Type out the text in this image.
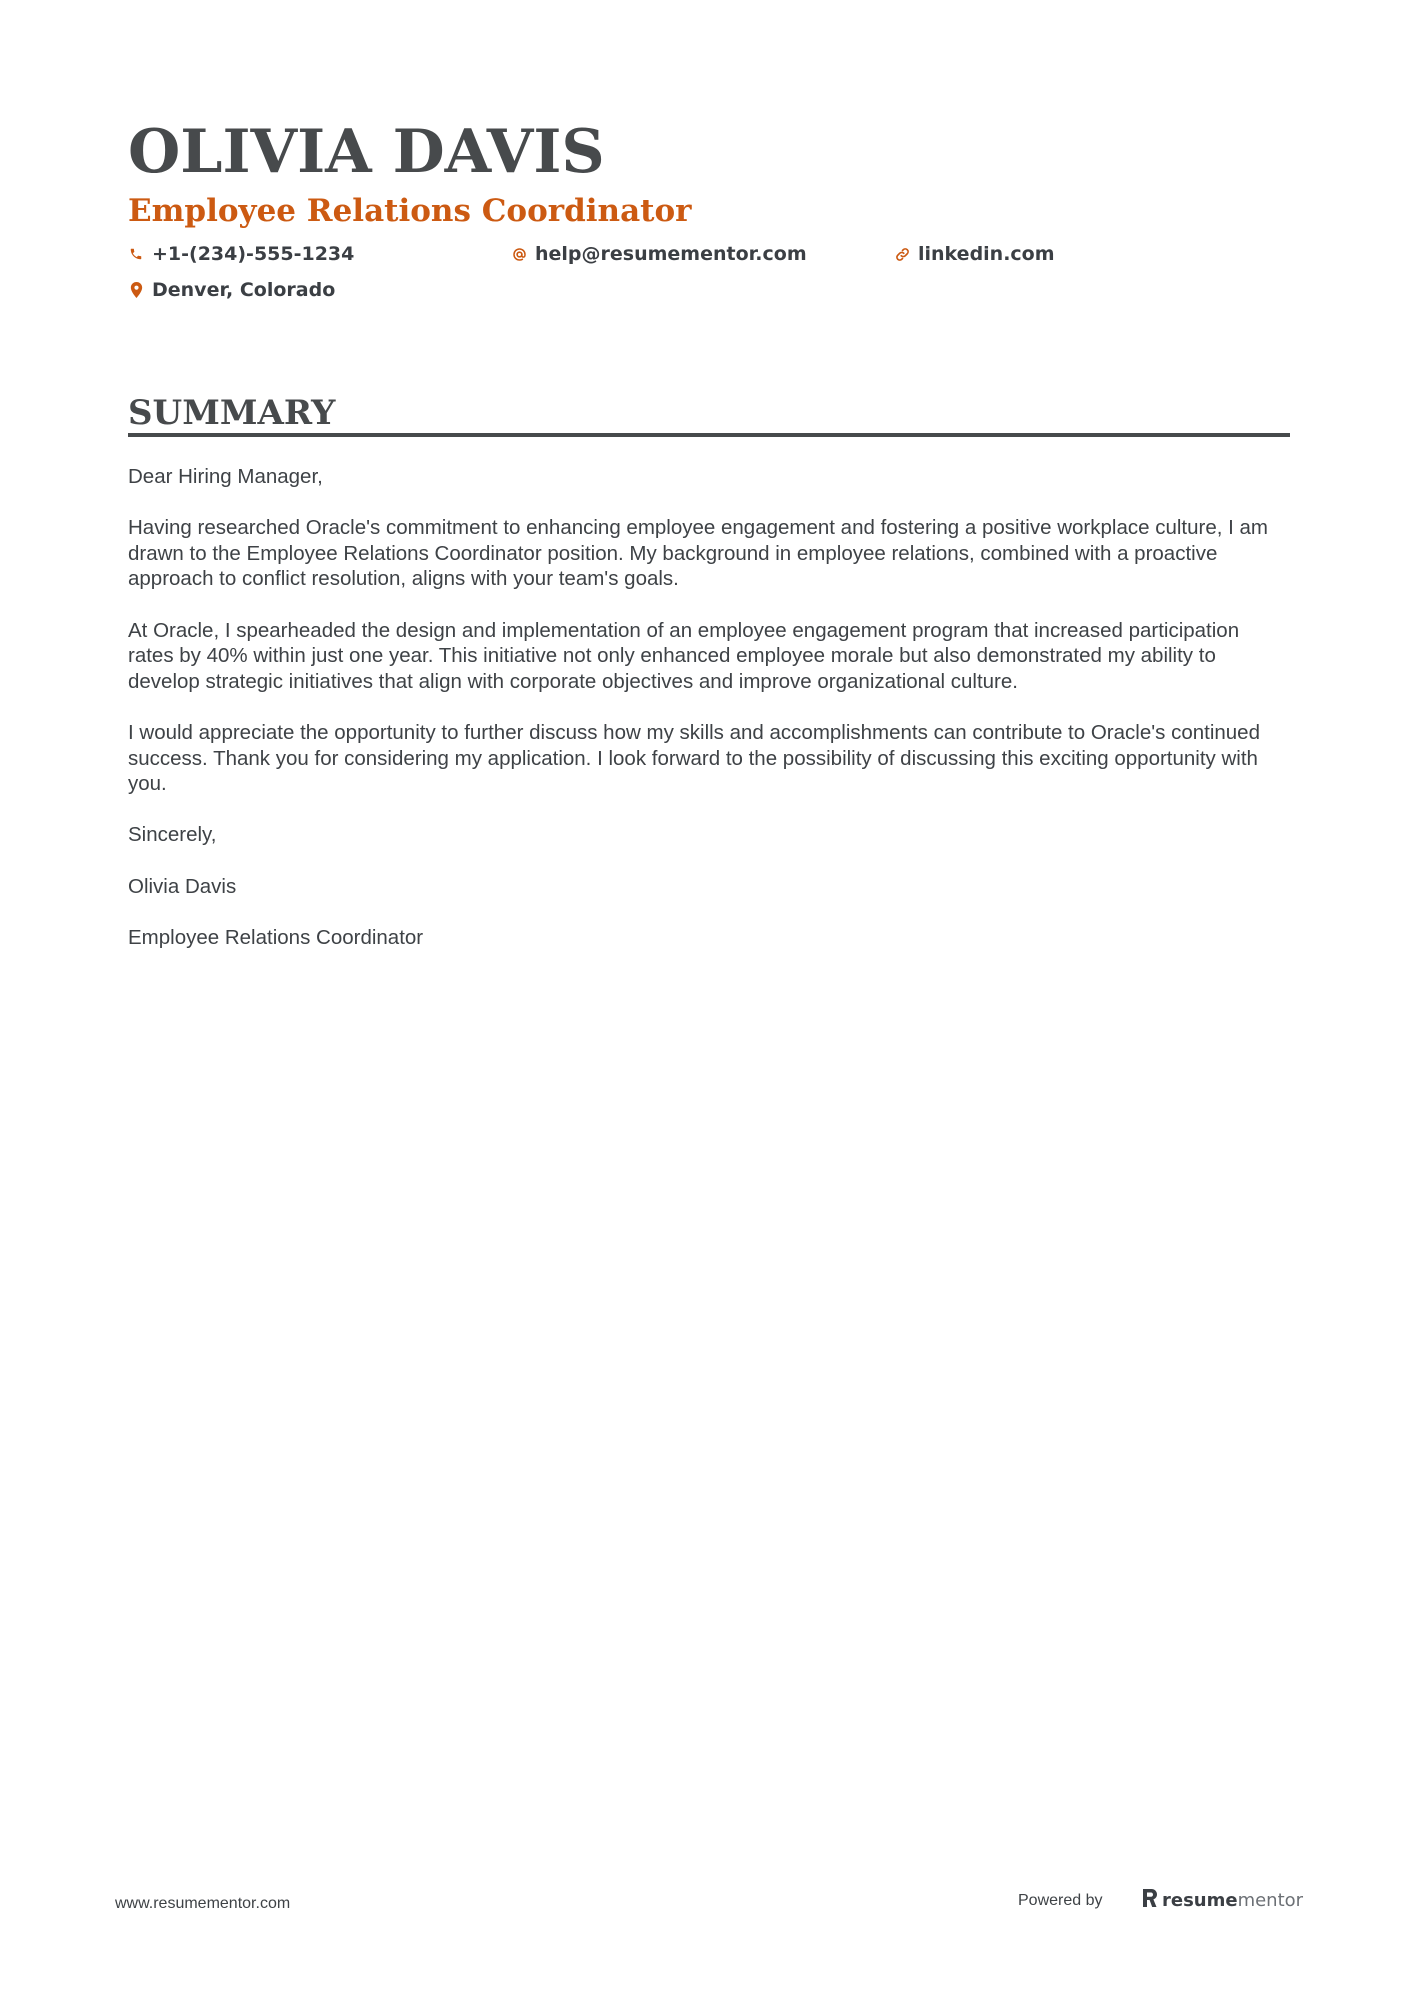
OLIVIA DAVIS
Employee Relations Coordinator
+1-(234)-555-1234	help@resumementor.com	linkedin.com
Denver, Colorado
SUMMARY

Dear Hiring Manager,

Having researched Oracle's commitment to enhancing employee engagement and fostering a positive workplace culture, I am drawn to the Employee Relations Coordinator position. My background in employee relations, combined with a proactive approach to conflict resolution, aligns with your team's goals.

At Oracle, I spearheaded the design and implementation of an employee engagement program that increased participation rates by 40% within just one year. This initiative not only enhanced employee morale but also demonstrated my ability to develop strategic initiatives that align with corporate objectives and improve organizational culture.

I would appreciate the opportunity to further discuss how my skills and accomplishments can contribute to Oracle's continued success. Thank you for considering my application. I look forward to the possibility of discussing this exciting opportunity with you.

Sincerely,

Olivia Davis

Employee Relations Coordinator

www.resumementor.com	Powered by	resume mentor
